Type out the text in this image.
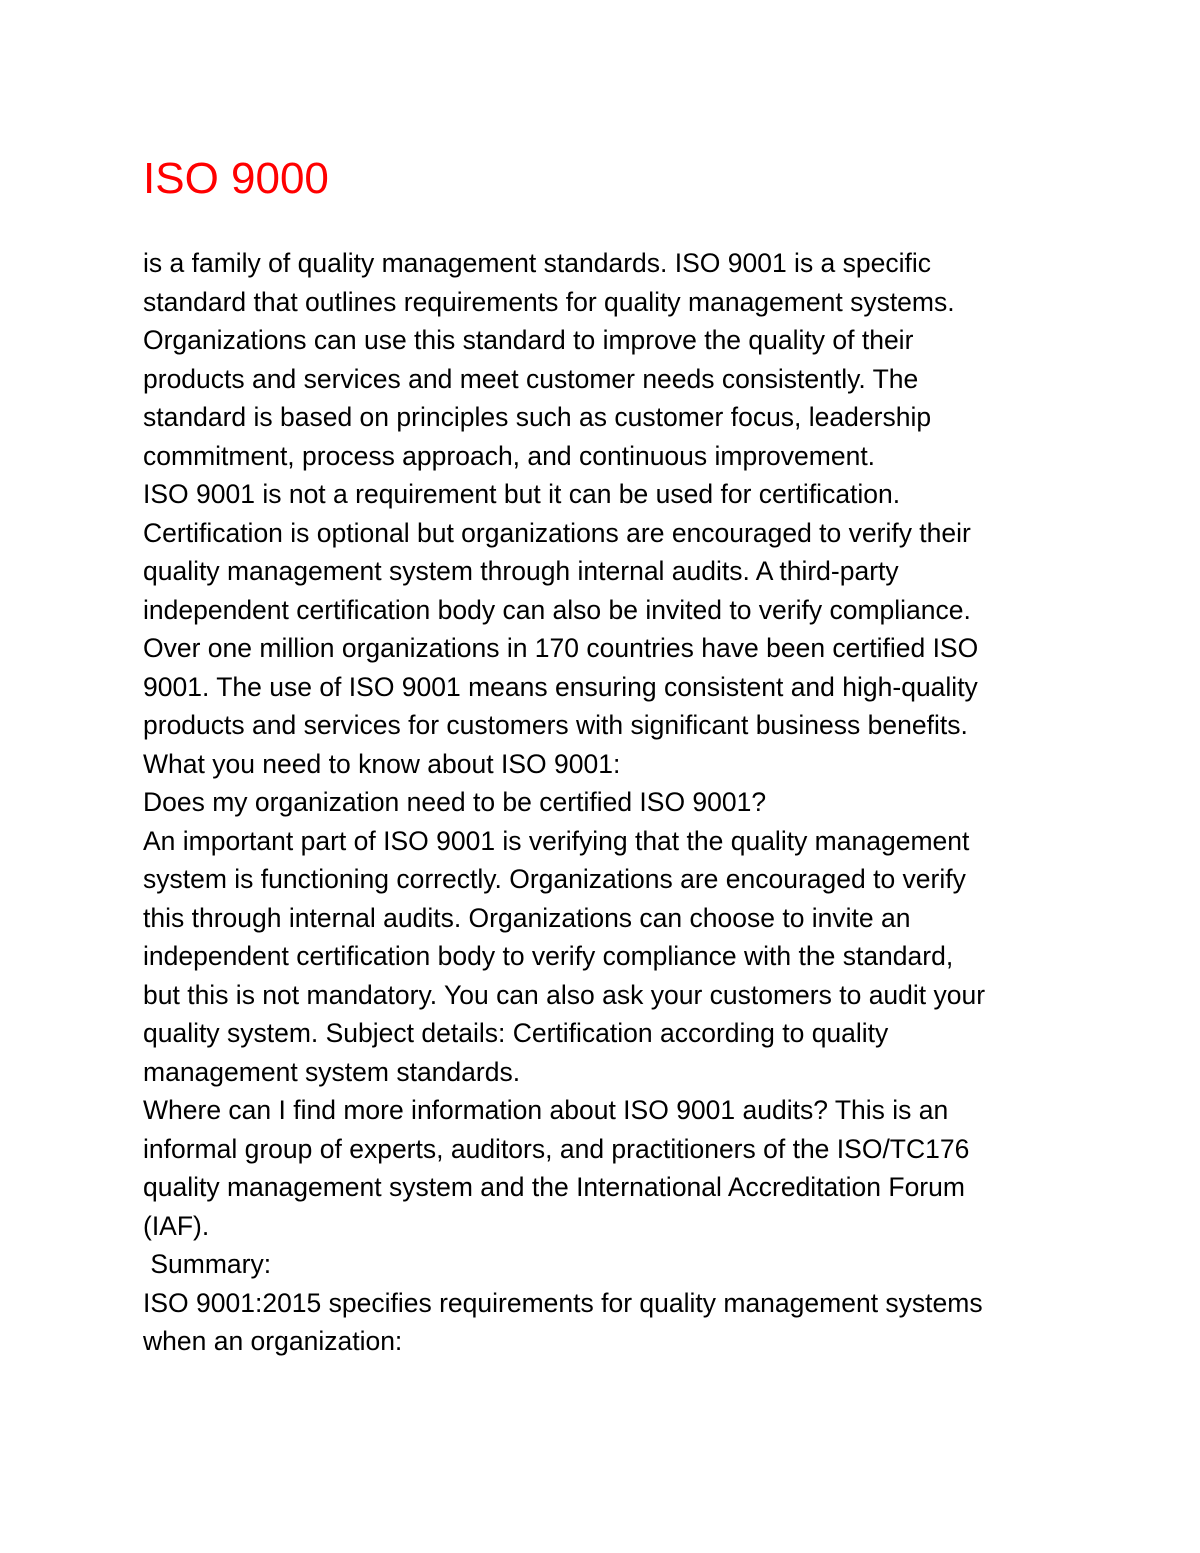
ISO 9000
is a family of quality management standards. ISO 9001 is a specific
standard that outlines requirements for quality management systems.
Organizations can use this standard to improve the quality of their
products and services and meet customer needs consistently. The
standard is based on principles such as customer focus, leadership
commitment, process approach, and continuous improvement.
ISO 9001 is not a requirement but it can be used for certification.
Certification is optional but organizations are encouraged to verify their
quality management system through internal audits. A third-party
independent certification body can also be invited to verify compliance.
Over one million organizations in 170 countries have been certified ISO
9001. The use of ISO 9001 means ensuring consistent and high-quality
products and services for customers with significant business benefits.
What you need to know about ISO 9001:
Does my organization need to be certified ISO 9001?
An important part of ISO 9001 is verifying that the quality management
system is functioning correctly. Organizations are encouraged to verify
this through internal audits. Organizations can choose to invite an
independent certification body to verify compliance with the standard,
but this is not mandatory. You can also ask your customers to audit your
quality system. Subject details: Certification according to quality
management system standards.
Where can I find more information about ISO 9001 audits? This is an
informal group of experts, auditors, and practitioners of the ISO/TC176
quality management system and the International Accreditation Forum
(IAF).
Summary:
ISO 9001:2015 specifies requirements for quality management systems
when an organization:
